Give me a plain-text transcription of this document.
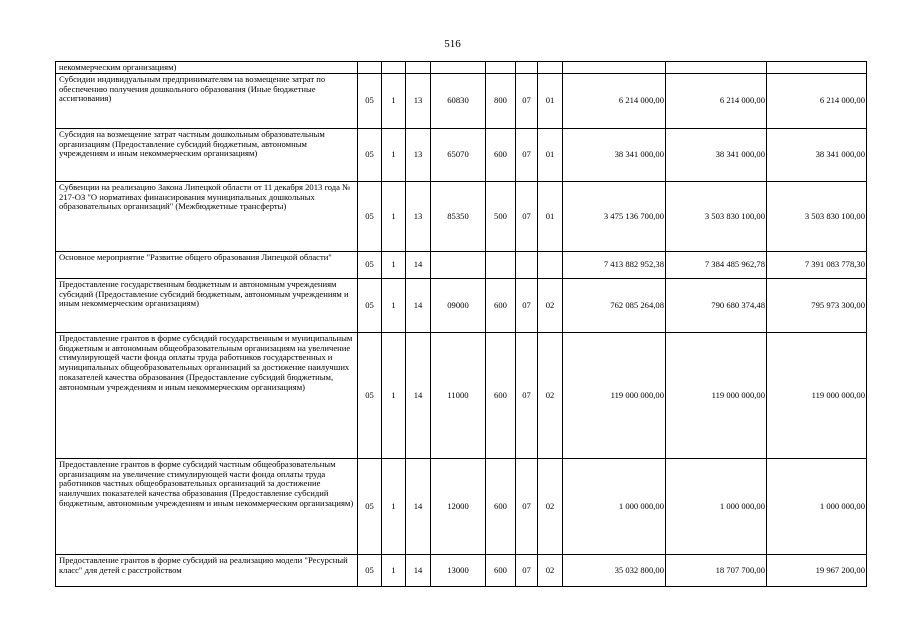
516
некоммерческим организациям)										
Субсидии индивидуальным предпринимателям на возмещение затрат по обеспечению получения дошкольного образования (Иные бюджетные ассигнования)	05	1	13	60830	800	07	01	6 214 000,00	6 214 000,00	6 214 000,00
Субсидия на возмещение затрат частным дошкольным образовательным организациям (Предоставление субсидий бюджетным, автономным учреждениям и иным некоммерческим организациям)	05	1	13	65070	600	07	01	38 341 000,00	38 341 000,00	38 341 000,00
Субвенции на реализацию Закона Липецкой области от 11 декабря 2013 года № 217-ОЗ "О нормативах финансирования муниципальных дошкольных образовательных организаций" (Межбюджетные трансферты)	05	1	13	85350	500	07	01	3 475 136 700,00	3 503 830 100,00	3 503 830 100,00
Основное мероприятие "Развитие общего образования Липецкой области"	05	1	14					7 413 882 952,38	7 384 485 962,78	7 391 083 778,30
Предоставление государственным бюджетным и автономным учреждениям субсидий (Предоставление субсидий бюджетным, автономным учреждениям и иным некоммерческим организациям)	05	1	14	09000	600	07	02	762 085 264,08	790 680 374,48	795 973 300,00
Предоставление грантов в форме субсидий государственным и муниципальным бюджетным и автономным общеобразовательным организациям на увеличение стимулирующей части фонда оплаты труда работников государственных и муниципальных общеобразовательных организаций за достижение наилучших показателей качества образования (Предоставление субсидий бюджетным, автономным учреждениям и иным некоммерческим организациям)	05	1	14	11000	600	07	02	119 000 000,00	119 000 000,00	119 000 000,00
Предоставление грантов в форме субсидий частным общеобразовательным организациям на увеличение стимулирующей части фонда оплаты труда работников частных общеобразовательных организаций за достижение наилучших показателей качества образования (Предоставление субсидий бюджетным, автономным учреждениям и иным некоммерческим организациям)	05	1	14	12000	600	07	02	1 000 000,00	1 000 000,00	1 000 000,00
Предоставление грантов в форме субсидий на реализацию модели "Ресурсный класс" для детей с расстройством	05	1	14	13000	600	07	02	35 032 800,00	18 707 700,00	19 967 200,00
